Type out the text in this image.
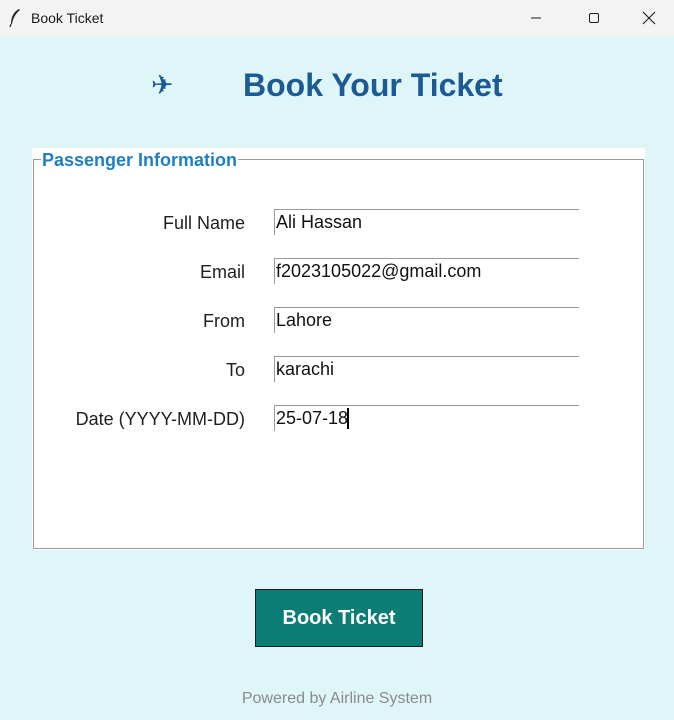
Book Ticket
✈ Book Your Ticket
Passenger Information
Full Name
Ali Hassan
Email
f2023105022@gmail.com
From
Lahore
To
karachi
Date (YYYY-MM-DD)
25-07-18
Book Ticket
Powered by Airline System
